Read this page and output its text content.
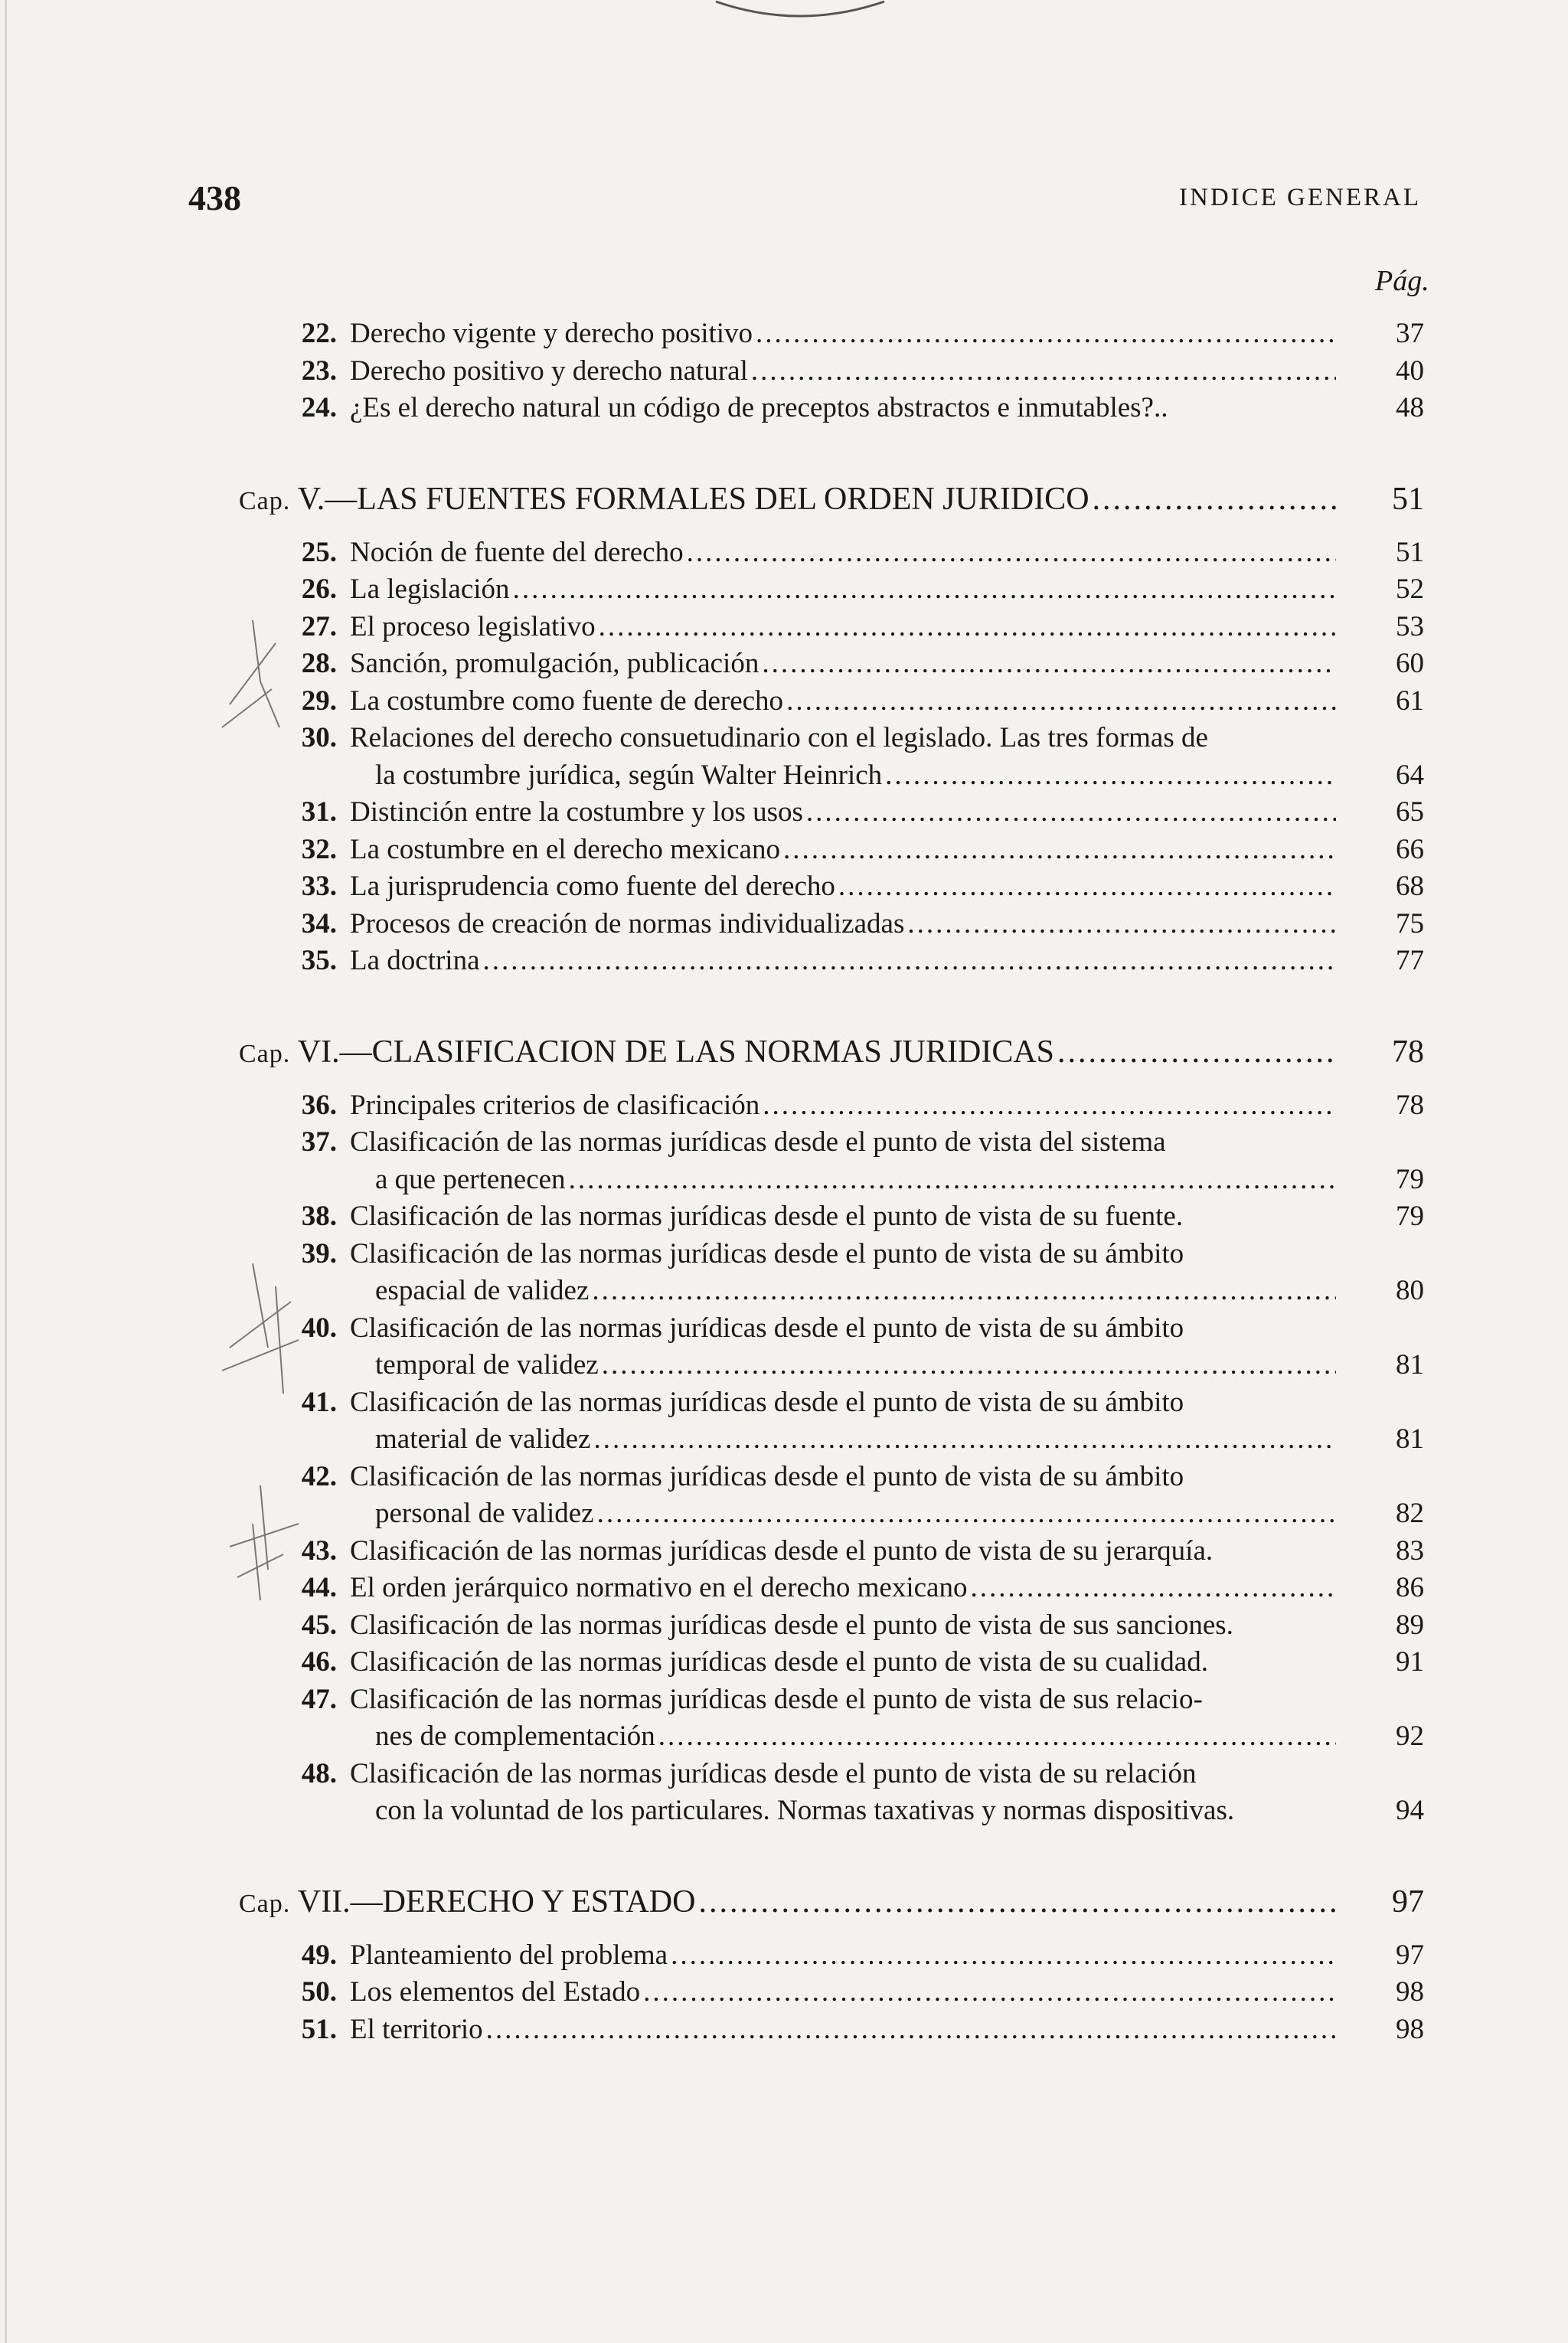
438	INDICE GENERAL
Pág.
22. Derecho vigente y derecho positivo .....	37
23. Derecho positivo y derecho natural .....	40
24. ¿Es el derecho natural un código de preceptos abstractos e inmutables?..	48
Cap. V.—LAS FUENTES FORMALES DEL ORDEN JURIDICO .....	51
25. Noción de fuente del derecho .....	51
26. La legislación .....	52
27. El proceso legislativo .....	53
28. Sanción, promulgación, publicación .....	60
29. La costumbre como fuente de derecho .....	61
30. Relaciones del derecho consuetudinario con el legislado. Las tres formas de
la costumbre jurídica, según Walter Heinrich .....	64
31. Distinción entre la costumbre y los usos .....	65
32. La costumbre en el derecho mexicano .....	66
33. La jurisprudencia como fuente del derecho .....	68
34. Procesos de creación de normas individualizadas .....	75
35. La doctrina .....	77
Cap. VI.—CLASIFICACION DE LAS NORMAS JURIDICAS .....	78
36. Principales criterios de clasificación .....	78
37. Clasificación de las normas jurídicas desde el punto de vista del sistema
a que pertenecen .....	79
38. Clasificación de las normas jurídicas desde el punto de vista de su fuente.	79
39. Clasificación de las normas jurídicas desde el punto de vista de su ámbito
espacial de validez .....	80
40. Clasificación de las normas jurídicas desde el punto de vista de su ámbito
temporal de validez .....	81
41. Clasificación de las normas jurídicas desde el punto de vista de su ámbito
material de validez .....	81
42. Clasificación de las normas jurídicas desde el punto de vista de su ámbito
personal de validez .....	82
43. Clasificación de las normas jurídicas desde el punto de vista de su jerarquía.	83
44. El orden jerárquico normativo en el derecho mexicano .....	86
45. Clasificación de las normas jurídicas desde el punto de vista de sus sanciones.	89
46. Clasificación de las normas jurídicas desde el punto de vista de su cualidad.	91
47. Clasificación de las normas jurídicas desde el punto de vista de sus relacio-
nes de complementación .....	92
48. Clasificación de las normas jurídicas desde el punto de vista de su relación
con la voluntad de los particulares. Normas taxativas y normas dispositivas.	94
Cap. VII.—DERECHO Y ESTADO .....	97
49. Planteamiento del problema .....	97
50. Los elementos del Estado .....	98
51. El territorio .....	98
